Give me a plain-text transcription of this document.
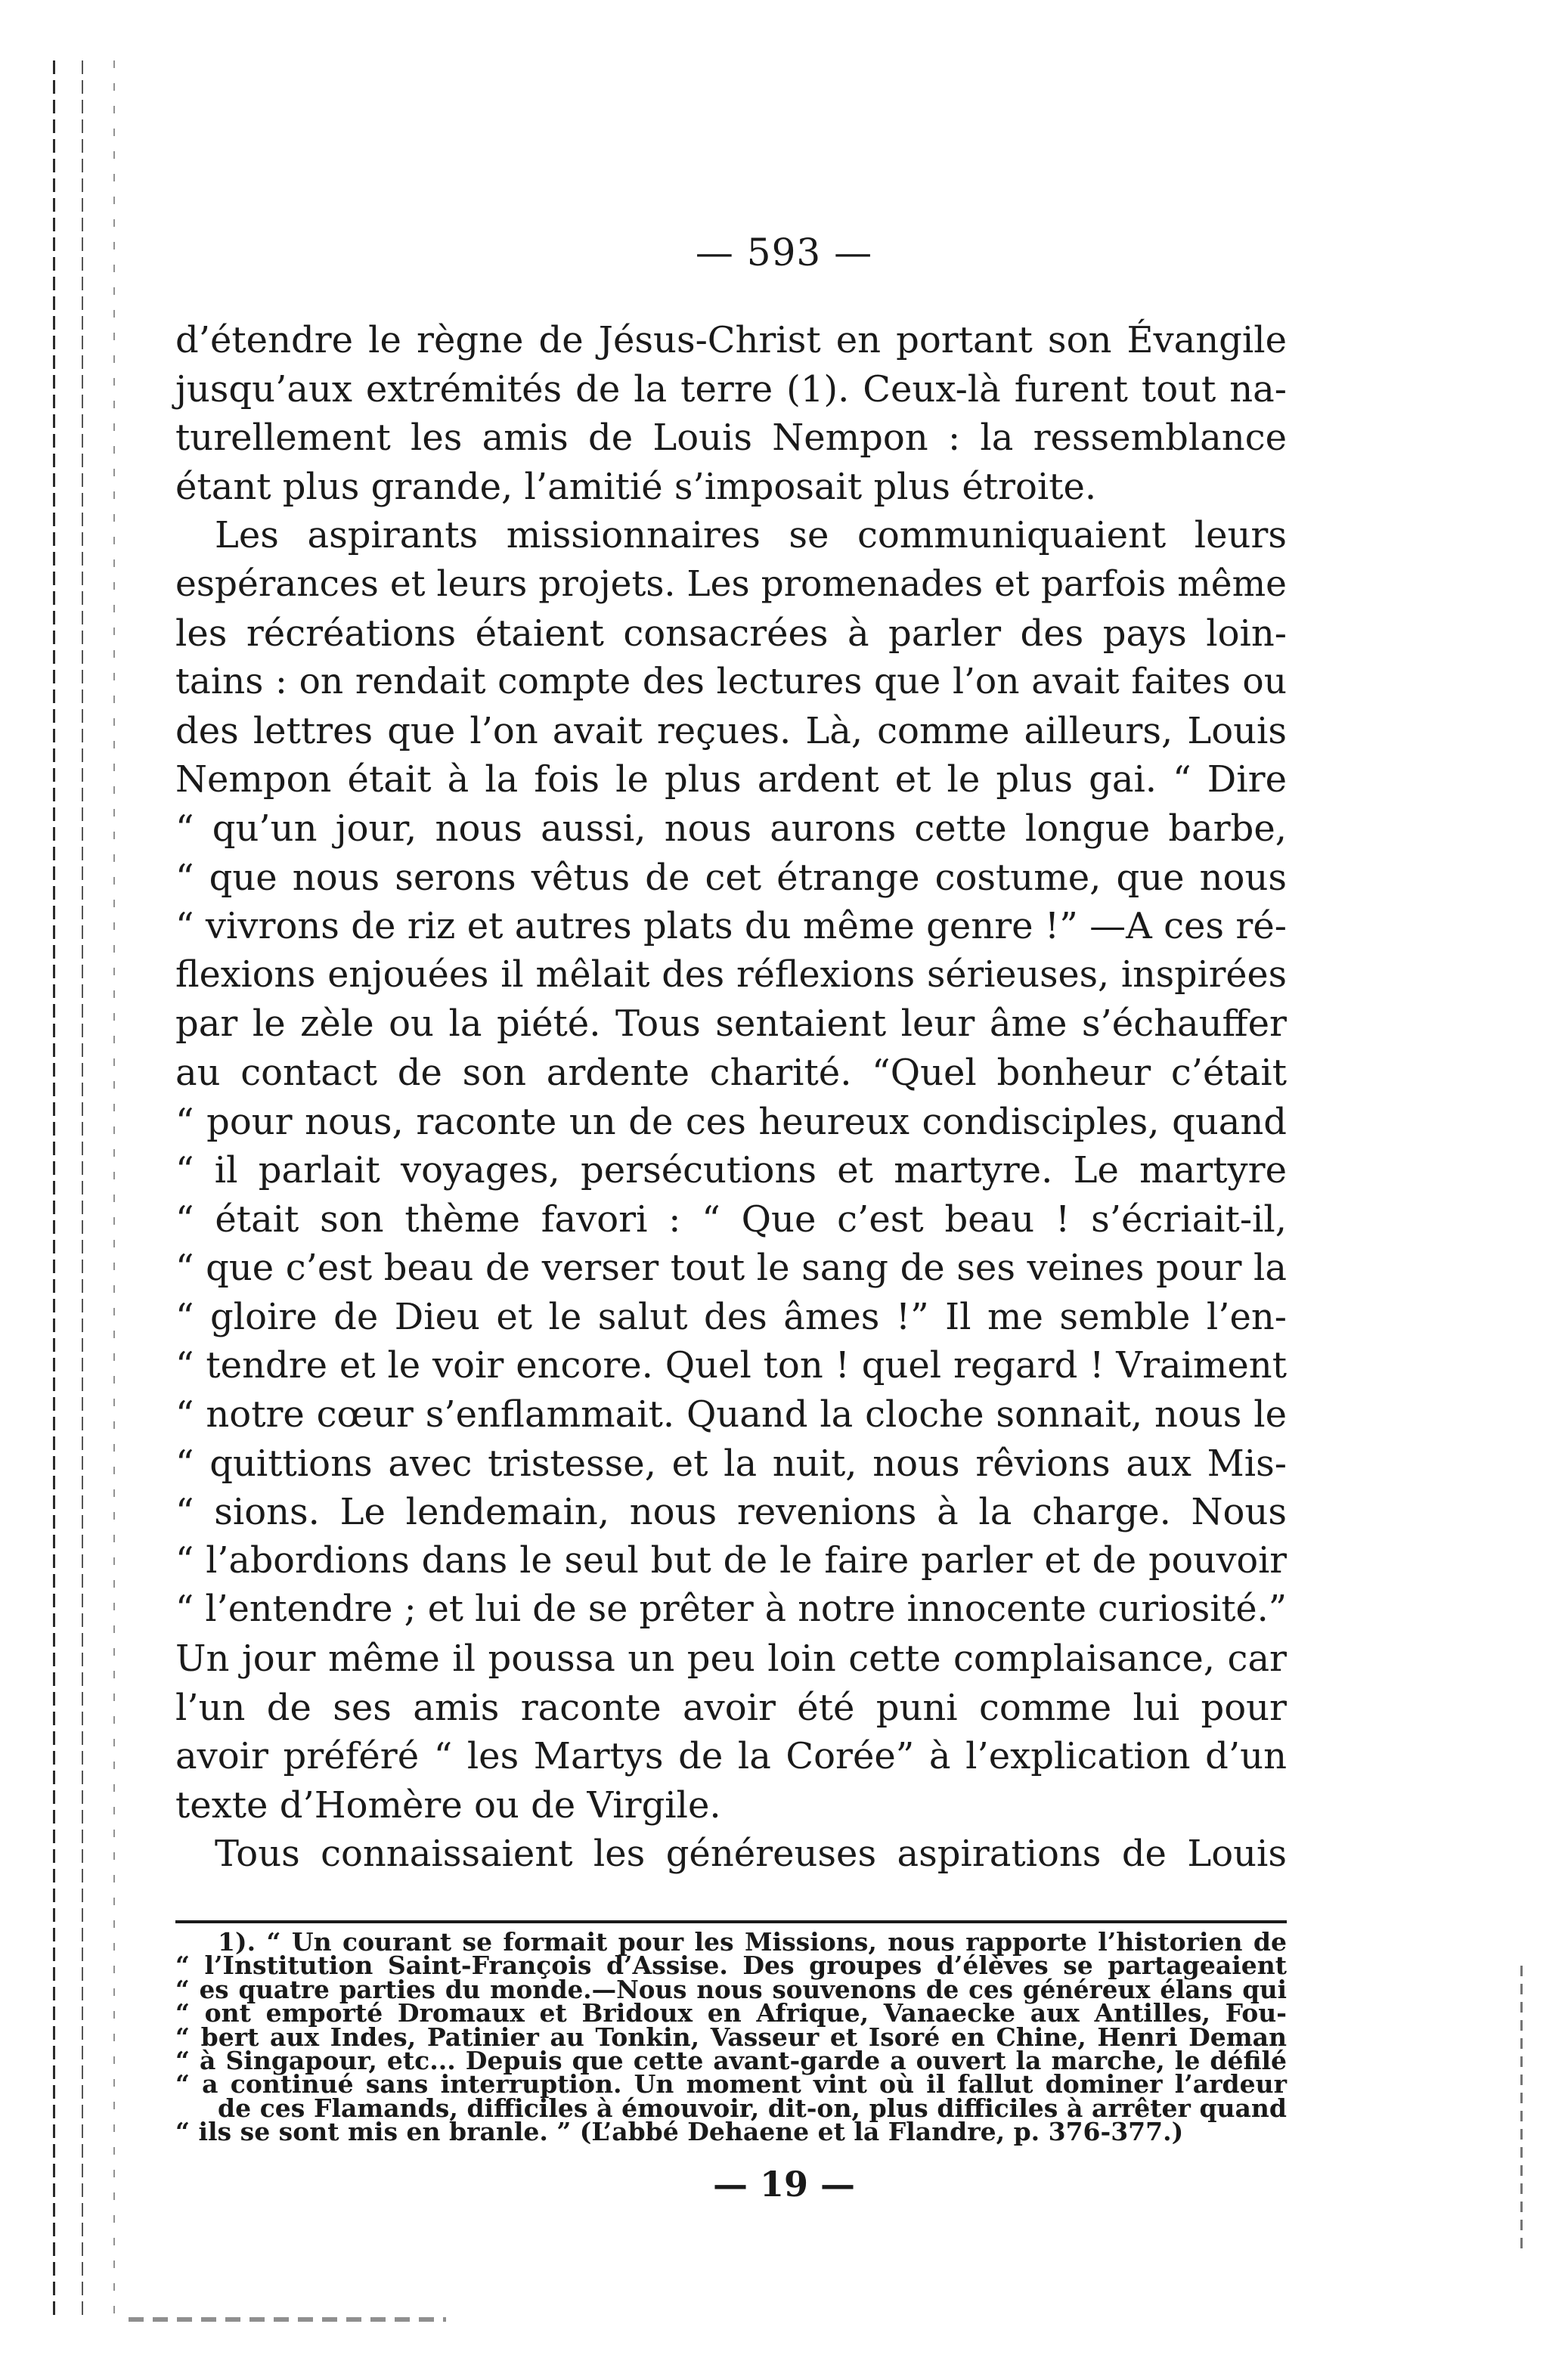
— 593 —
d’étendre le règne de Jésus-Christ en portant son Évangile
jusqu’aux extrémités de la terre (1). Ceux-là furent tout na-
turellement les amis de Louis Nempon : la ressemblance
étant plus grande, l’amitié s’imposait plus étroite.
Les aspirants missionnaires se communiquaient leurs
espérances et leurs projets. Les promenades et parfois même
les récréations étaient consacrées à parler des pays loin-
tains : on rendait compte des lectures que l’on avait faites ou
des lettres que l’on avait reçues. Là, comme ailleurs, Louis
Nempon était à la fois le plus ardent et le plus gai. “ Dire
“ qu’un jour, nous aussi, nous aurons cette longue barbe,
“ que nous serons vêtus de cet étrange costume, que nous
“ vivrons de riz et autres plats du même genre !” —A ces ré-
flexions enjouées il mêlait des réflexions sérieuses, inspirées
par le zèle ou la piété. Tous sentaient leur âme s’échauffer
au contact de son ardente charité. “Quel bonheur c’était
“ pour nous, raconte un de ces heureux condisciples, quand
“ il parlait voyages, persécutions et martyre. Le martyre
“ était son thème favori : “ Que c’est beau ! s’écriait-il,
“ que c’est beau de verser tout le sang de ses veines pour la
“ gloire de Dieu et le salut des âmes !” Il me semble l’en-
“ tendre et le voir encore. Quel ton ! quel regard ! Vraiment
“ notre cœur s’enflammait. Quand la cloche sonnait, nous le
“ quittions avec tristesse, et la nuit, nous rêvions aux Mis-
“ sions. Le lendemain, nous revenions à la charge. Nous
“ l’abordions dans le seul but de le faire parler et de pouvoir
“ l’entendre ; et lui de se prêter à notre innocente curiosité.”
Un jour même il poussa un peu loin cette complaisance, car
l’un de ses amis raconte avoir été puni comme lui pour
avoir préféré “ les Martys de la Corée” à l’explication d’un
texte d’Homère ou de Virgile.
Tous connaissaient les généreuses aspirations de Louis
1). “ Un courant se formait pour les Missions, nous rapporte l’historien de
“ l’Institution Saint-François d’Assise. Des groupes d’élèves se partageaient
“ es quatre parties du monde.—Nous nous souvenons de ces généreux élans qui
“ ont emporté Dromaux et Bridoux en Afrique, Vanaecke aux Antilles, Fou-
“ bert aux Indes, Patinier au Tonkin, Vasseur et Isoré en Chine, Henri Deman
“ à Singapour, etc... Depuis que cette avant-garde a ouvert la marche, le défilé
“ a continué sans interruption. Un moment vint où il fallut dominer l’ardeur
de ces Flamands, difficiles à émouvoir, dit-on, plus difficiles à arrêter quand
“ ils se sont mis en branle. ” (L’abbé Dehaene et la Flandre, p. 376-377.)
— 19 —
